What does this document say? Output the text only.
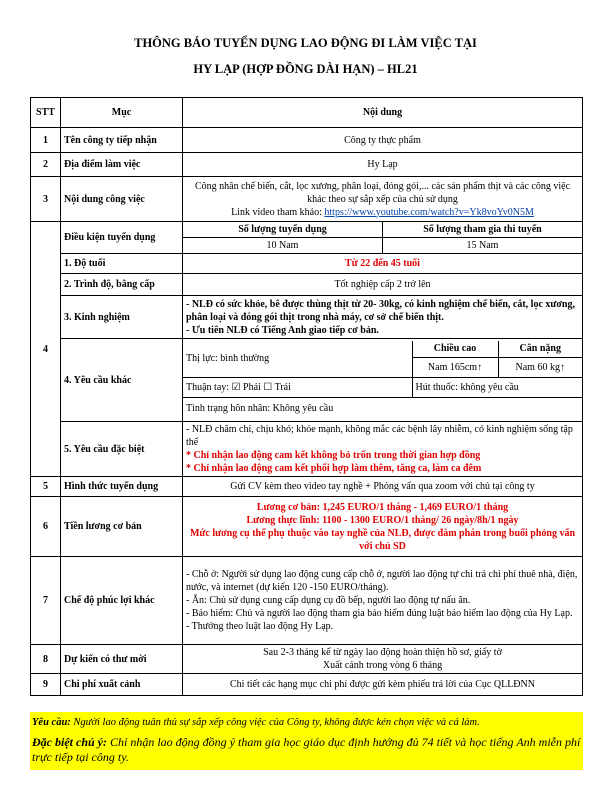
THÔNG BÁO TUYỂN DỤNG LAO ĐỘNG ĐI LÀM VIỆC TẠI
HY LẠP (HỢP ĐỒNG DÀI HẠN) – HL21
STT	Mục	Nội dung
1	Tên công ty tiếp nhận	Công ty thực phẩm
2	Địa điểm làm việc	Hy Lạp
3	Nội dung công việc	Công nhân chế biến, cắt, lọc xương, phân loại, đóng gói,... các sản phẩm thịt và các công việc khác theo sự sắp xếp của chủ sử dụng
Link video tham khảo: https://www.youtube.com/watch?v=Yk8voYv0N5M
4	Điều kiện tuyển dụng	
Số lượng tuyển dụng	Số lượng tham gia thi tuyển
10 Nam	15 Nam

1. Độ tuổi	Từ 22 đến 45 tuổi
2. Trình độ, bằng cấp	Tốt nghiệp cấp 2 trở lên
3. Kinh nghiệm	- NLĐ có sức khỏe, bê được thùng thịt từ 20- 30kg, có kinh nghiệm chế biến, cắt, lọc xương, phân loại và đóng gói thịt trong nhà máy, cơ sở chế biến thịt.
- Ưu tiên NLĐ có Tiếng Anh giao tiếp cơ bản.
4. Yêu cầu khác	
Thị lực: bình thường	Chiều cao	Cân nặng
Nam 165cm↑	Nam 60 kg↑
Thuận tay: ☑ Phải ☐ Trái	Hút thuốc: không yêu cầu
Tình trạng hôn nhân: Không yêu cầu

5. Yêu cầu đặc biệt	- NLĐ chăm chỉ, chịu khó; khỏe mạnh, không mắc các bệnh lây nhiễm, có kinh nghiệm sống tập thể
* Chỉ nhận lao động cam kết không bỏ trốn trong thời gian hợp đồng
* Chỉ nhận lao động cam kết phối hợp làm thêm, tăng ca, làm ca đêm

5	Hình thức tuyển dụng	Gửi CV kèm theo video tay nghề + Phỏng vấn qua zoom với chủ tại công ty
6	Tiền lương cơ bản	Lương cơ bản: 1,245 EURO/1 tháng - 1,469 EURO/1 tháng
Lương thực lĩnh: 1100 - 1300 EURO/1 tháng/ 26 ngày/8h/1 ngày
Mức lương cụ thể phụ thuộc vào tay nghề của NLĐ, được đàm phán trong buổi phỏng vấn với chủ SD
7	Chế độ phúc lợi khác	- Chỗ ở: Người sử dụng lao động cung cấp chỗ ở, người lao động tự chi trả chi phí thuê nhà, điện, nước, và internet (dự kiến 120 -150 EURO/tháng).
- Ăn: Chủ sử dụng cung cấp dụng cụ đồ bếp, người lao động tự nấu ăn.
- Bảo hiểm: Chủ và người lao động tham gia bảo hiểm đúng luật bảo hiểm lao động của Hy Lạp.
- Thưởng theo luật lao động Hy Lạp.
8	Dự kiến có thư mời	Sau 2-3 tháng kể từ ngày lao động hoàn thiện hồ sơ, giấy tờ
Xuất cảnh trong vòng 6 tháng
9	Chi phí xuất cảnh	Chi tiết các hạng mục chi phí được gửi kèm phiếu trả lời của Cục QLLĐNN

Yêu cầu: Người lao động tuân thủ sự sắp xếp công việc của Công ty, không được kén chọn việc và cá làm.

Đặc biệt chú ý: Chỉ nhận lao động đồng ý tham gia học giáo dục định hướng đủ 74 tiết và học tiếng Anh miễn phí trực tiếp tại công ty.
